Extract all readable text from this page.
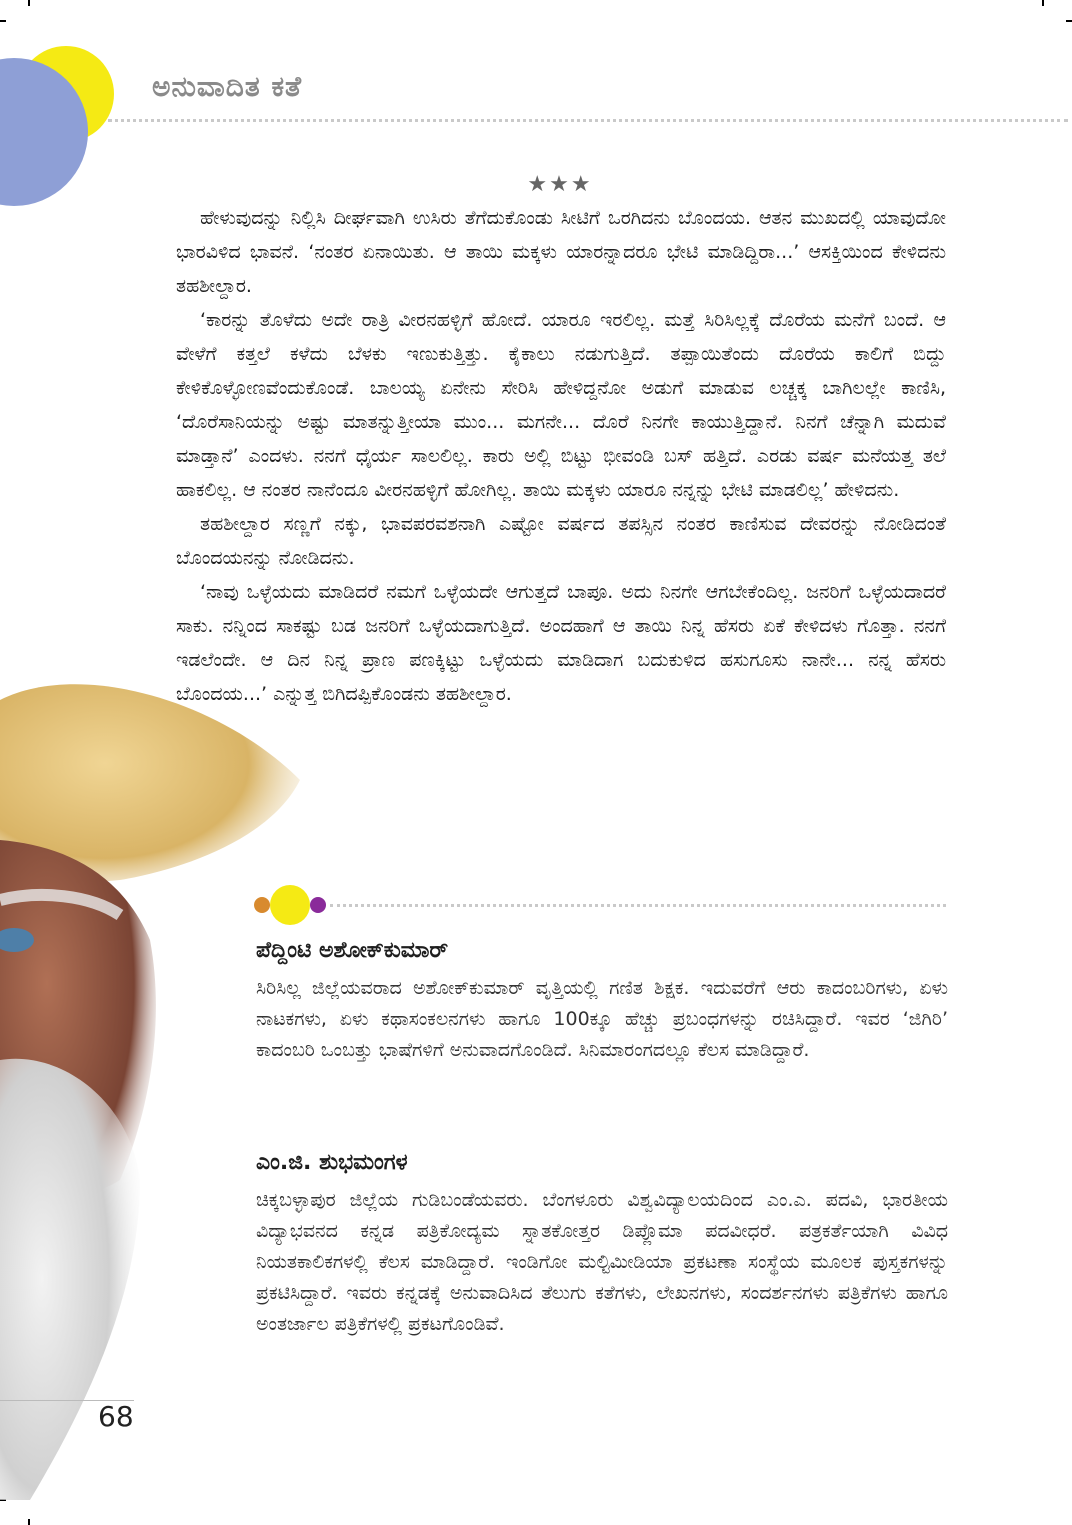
ಅನುವಾದಿತ ಕತೆ
★★★

ಹೇಳುವುದನ್ನು ನಿಲ್ಲಿಸಿ ದೀರ್ಘವಾಗಿ ಉಸಿರು ತೆಗೆದುಕೊಂಡು ಸೀಟಿಗೆ ಒರಗಿದನು ಬೊಂದಯ. ಆತನ ಮುಖದಲ್ಲಿ ಯಾವುದೋ ಭಾರವಿಳಿದ ಭಾವನೆ. ‘ನಂತರ ಏನಾಯಿತು. ಆ ತಾಯಿ ಮಕ್ಕಳು ಯಾರನ್ನಾದರೂ ಭೇಟಿ ಮಾಡಿದ್ದಿರಾ...’ ಆಸಕ್ತಿಯಿಂದ ಕೇಳಿದನು ತಹಶೀಲ್ದಾರ.

‘ಕಾರನ್ನು ತೊಳೆದು ಅದೇ ರಾತ್ರಿ ವೀರನಹಳ್ಳಿಗೆ ಹೋದೆ. ಯಾರೂ ಇರಲಿಲ್ಲ. ಮತ್ತೆ ಸಿರಿಸಿಲ್ಲಕ್ಕೆ ದೊರೆಯ ಮನೆಗೆ ಬಂದೆ. ಆ ವೇಳೆಗೆ ಕತ್ತಲೆ ಕಳೆದು ಬೆಳಕು ಇಣುಕುತ್ತಿತ್ತು. ಕೈಕಾಲು ನಡುಗುತ್ತಿದೆ. ತಪ್ಪಾಯಿತೆಂದು ದೊರೆಯ ಕಾಲಿಗೆ ಬಿದ್ದು ಕೇಳಿಕೊಳ್ಳೋಣವೆಂದುಕೊಂಡೆ. ಬಾಲಯ್ಯ ಏನೇನು ಸೇರಿಸಿ ಹೇಳಿದ್ದನೋ ಅಡುಗೆ ಮಾಡುವ ಲಚ್ಚಕ್ಕ ಬಾಗಿಲಲ್ಲೇ ಕಾಣಿಸಿ, ‘ದೊರೆಸಾನಿಯನ್ನು ಅಷ್ಟು ಮಾತನ್ನುತ್ತೀಯಾ ಮುಂ... ಮಗನೇ... ದೊರೆ ನಿನಗೇ ಕಾಯುತ್ತಿದ್ದಾನೆ. ನಿನಗೆ ಚೆನ್ನಾಗಿ ಮದುವೆ ಮಾಡ್ತಾನೆ’ ಎಂದಳು. ನನಗೆ ಧೈರ್ಯ ಸಾಲಲಿಲ್ಲ. ಕಾರು ಅಲ್ಲಿ ಬಿಟ್ಟು ಭೀವಂಡಿ ಬಸ್ ಹತ್ತಿದೆ. ಎರಡು ವರ್ಷ ಮನೆಯತ್ತ ತಲೆ ಹಾಕಲಿಲ್ಲ. ಆ ನಂತರ ನಾನೆಂದೂ ವೀರನಹಳ್ಳಿಗೆ ಹೋಗಿಲ್ಲ. ತಾಯಿ ಮಕ್ಕಳು ಯಾರೂ ನನ್ನನ್ನು ಭೇಟಿ ಮಾಡಲಿಲ್ಲ’ ಹೇಳಿದನು.

ತಹಶೀಲ್ದಾರ ಸಣ್ಣಗೆ ನಕ್ಕು, ಭಾವಪರವಶನಾಗಿ ಎಷ್ಟೋ ವರ್ಷದ ತಪಸ್ಸಿನ ನಂತರ ಕಾಣಿಸುವ ದೇವರನ್ನು ನೋಡಿದಂತೆ ಬೊಂದಯನನ್ನು ನೋಡಿದನು.

‘ನಾವು ಒಳ್ಳೆಯದು ಮಾಡಿದರೆ ನಮಗೆ ಒಳ್ಳೆಯದೇ ಆಗುತ್ತದೆ ಬಾಪೂ. ಅದು ನಿನಗೇ ಆಗಬೇಕೆಂದಿಲ್ಲ. ಜನರಿಗೆ ಒಳ್ಳೆಯದಾದರೆ ಸಾಕು. ನನ್ನಿಂದ ಸಾಕಷ್ಟು ಬಡ ಜನರಿಗೆ ಒಳ್ಳೆಯದಾಗುತ್ತಿದೆ. ಅಂದಹಾಗೆ ಆ ತಾಯಿ ನಿನ್ನ ಹೆಸರು ಏಕೆ ಕೇಳಿದಳು ಗೊತ್ತಾ. ನನಗೆ ಇಡಲೆಂದೇ. ಆ ದಿನ ನಿನ್ನ ಪ್ರಾಣ ಪಣಕ್ಕಿಟ್ಟು ಒಳ್ಳೆಯದು ಮಾಡಿದಾಗ ಬದುಕುಳಿದ ಹಸುಗೂಸು ನಾನೇ... ನನ್ನ ಹೆಸರು ಬೊಂದಯ...’ ಎನ್ನುತ್ತ ಬಿಗಿದಪ್ಪಿಕೊಂಡನು ತಹಶೀಲ್ದಾರ.

ಪೆದ್ದಿಂಟಿ ಅಶೋಕ್‌ಕುಮಾರ್

ಸಿರಿಸಿಲ್ಲ ಜಿಲ್ಲೆಯವರಾದ ಅಶೋಕ್‌ಕುಮಾರ್ ವೃತ್ತಿಯಲ್ಲಿ ಗಣಿತ ಶಿಕ್ಷಕ. ಇದುವರೆಗೆ ಆರು ಕಾದಂಬರಿಗಳು, ಏಳು ನಾಟಕಗಳು, ಏಳು ಕಥಾಸಂಕಲನಗಳು ಹಾಗೂ 100ಕ್ಕೂ ಹೆಚ್ಚು ಪ್ರಬಂಧಗಳನ್ನು ರಚಿಸಿದ್ದಾರೆ. ಇವರ ‘ಜಿಗಿರಿ’ ಕಾದಂಬರಿ ಒಂಬತ್ತು ಭಾಷೆಗಳಿಗೆ ಅನುವಾದಗೊಂಡಿದೆ. ಸಿನಿಮಾರಂಗದಲ್ಲೂ ಕೆಲಸ ಮಾಡಿದ್ದಾರೆ.

ಎಂ.ಜಿ. ಶುಭಮಂಗಳ

ಚಿಕ್ಕಬಳ್ಳಾಪುರ ಜಿಲ್ಲೆಯ ಗುಡಿಬಂಡೆಯವರು. ಬೆಂಗಳೂರು ವಿಶ್ವವಿದ್ಯಾಲಯದಿಂದ ಎಂ.ಎ. ಪದವಿ, ಭಾರತೀಯ ವಿದ್ಯಾಭವನದ ಕನ್ನಡ ಪತ್ರಿಕೋದ್ಯಮ ಸ್ನಾತಕೋತ್ತರ ಡಿಪ್ಲೊಮಾ ಪದವೀಧರೆ. ಪತ್ರಕರ್ತೆಯಾಗಿ ವಿವಿಧ ನಿಯತಕಾಲಿಕಗಳಲ್ಲಿ ಕೆಲಸ ಮಾಡಿದ್ದಾರೆ. ಇಂಡಿಗೋ ಮಲ್ಟಿಮೀಡಿಯಾ ಪ್ರಕಟಣಾ ಸಂಸ್ಥೆಯ ಮೂಲಕ ಪುಸ್ತಕಗಳನ್ನು ಪ್ರಕಟಿಸಿದ್ದಾರೆ. ಇವರು ಕನ್ನಡಕ್ಕೆ ಅನುವಾದಿಸಿದ ತೆಲುಗು ಕತೆಗಳು, ಲೇಖನಗಳು, ಸಂದರ್ಶನಗಳು ಪತ್ರಿಕೆಗಳು ಹಾಗೂ ಅಂತರ್ಜಾಲ ಪತ್ರಿಕೆಗಳಲ್ಲಿ ಪ್ರಕಟಗೊಂಡಿವೆ.

68
